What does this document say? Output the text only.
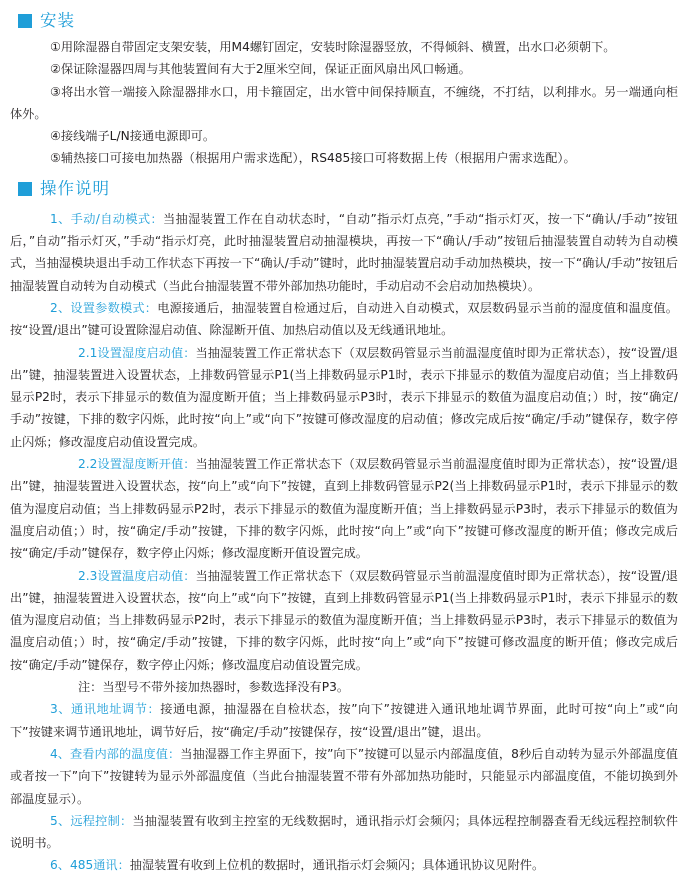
安装
①用除湿器自带固定支架安装，用M4螺钉固定，安装时除湿器竖放，不得倾斜、横置，出水口必须朝下。
②保证除湿器四周与其他装置间有大于2厘米空间，保证正面风扇出风口畅通。
③将出水管一端接入除湿器排水口，用卡箍固定，出水管中间保持顺直，不缠绕，不打结，以利排水。另一端通向柜体外。
④接线端子L/N接通电源即可。
⑤辅热接口可接电加热器（根据用户需求选配），RS485接口可将数据上传（根据用户需求选配）。
操作说明
1、手动/自动模式：当抽湿装置工作在自动状态时，“自动”指示灯点亮，”手动“指示灯灭，按一下“确认/手动”按钮后，”自动”指示灯灭，”手动“指示灯亮，此时抽湿装置启动抽湿模块，再按一下“确认/手动”按钮后抽湿装置自动转为自动模式，当抽湿模块退出手动工作状态下再按一下“确认/手动”键时，此时抽湿装置启动手动加热模块，按一下“确认/手动”按钮后抽湿装置自动转为自动模式（当此台抽湿装置不带外部加热功能时，手动启动不会启动加热模块）。
2、设置参数模式：电源接通后，抽湿装置自检通过后，自动进入自动模式，双层数码显示当前的湿度值和温度值。按“设置/退出”键可设置除湿启动值、除湿断开值、加热启动值以及无线通讯地址。
2.1设置湿度启动值：当抽湿装置工作正常状态下（双层数码管显示当前温湿度值时即为正常状态），按“设置/退出”键，抽湿装置进入设置状态，上排数码管显示P1(当上排数码显示P1时，表示下排显示的数值为湿度启动值；当上排数码显示P2时，表示下排显示的数值为湿度断开值；当上排数码显示P3时，表示下排显示的数值为温度启动值；）时，按“确定/手动”按键，下排的数字闪烁，此时按“向上”或“向下”按键可修改湿度的启动值；修改完成后按“确定/手动”键保存，数字停止闪烁；修改湿度启动值设置完成。
2.2设置湿度断开值：当抽湿装置工作正常状态下（双层数码管显示当前温湿度值时即为正常状态），按“设置/退出”键，抽湿装置进入设置状态，按“向上”或“向下”按键，直到上排数码管显示P2(当上排数码显示P1时，表示下排显示的数值为湿度启动值；当上排数码显示P2时，表示下排显示的数值为湿度断开值；当上排数码显示P3时，表示下排显示的数值为温度启动值；）时，按“确定/手动”按键，下排的数字闪烁，此时按“向上”或“向下”按键可修改湿度的断开值；修改完成后按“确定/手动”键保存，数字停止闪烁；修改湿度断开值设置完成。
2.3设置温度启动值：当抽湿装置工作正常状态下（双层数码管显示当前温湿度值时即为正常状态），按“设置/退出”键，抽湿装置进入设置状态，按“向上”或“向下”按键，直到上排数码管显示P1(当上排数码显示P1时，表示下排显示的数值为湿度启动值；当上排数码显示P2时，表示下排显示的数值为湿度断开值；当上排数码显示P3时，表示下排显示的数值为温度启动值；）时，按“确定/手动”按键，下排的数字闪烁，此时按“向上”或“向下”按键可修改温度的断开值；修改完成后按“确定/手动”键保存，数字停止闪烁；修改温度启动值设置完成。
注：当型号不带外接加热器时，参数选择没有P3。
3、通讯地址调节：接通电源，抽湿器在自检状态，按”向下”按键进入通讯地址调节界面，此时可按“向上”或“向下”按键来调节通讯地址，调节好后，按“确定/手动”按键保存，按“设置/退出”键，退出。
4、查看内部的温度值：当抽湿器工作主界面下，按”向下”按键可以显示内部温度值，8秒后自动转为显示外部温度值或者按一下”向下”按键转为显示外部温度值（当此台抽湿装置不带有外部加热功能时，只能显示内部温度值，不能切换到外部温度显示）。
5、远程控制：当抽湿装置有收到主控室的无线数据时，通讯指示灯会频闪；具体远程控制器查看无线远程控制软件说明书。
6、485通讯：抽湿装置有收到上位机的数据时，通讯指示灯会频闪；具体通讯协议见附件。
